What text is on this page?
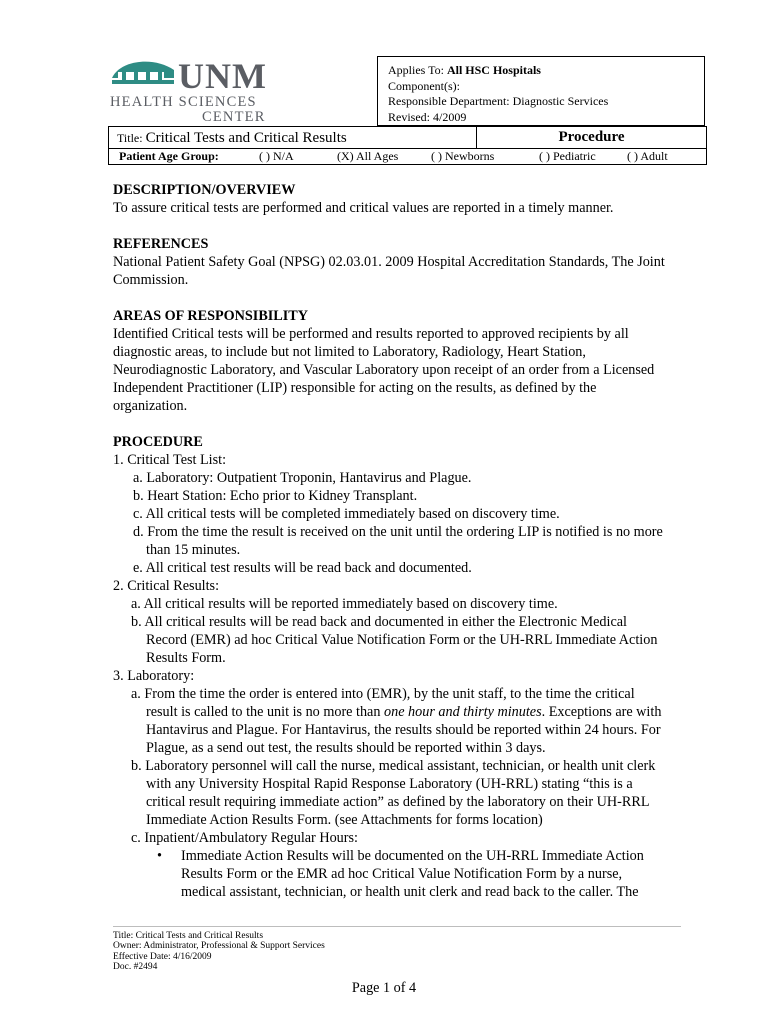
UNM
HEALTH SCIENCES
CENTER
Applies To: All HSC Hospitals
Component(s):
Responsible Department: Diagnostic Services
Revised: 4/2009
Title: Critical Tests and Critical Results	Procedure
Patient Age Group:	( ) N/A	(X) All Ages	( ) Newborns	( ) Pediatric	( ) Adult
DESCRIPTION/OVERVIEW
To assure critical tests are performed and critical values are reported in a timely manner.
REFERENCES
National Patient Safety Goal (NPSG) 02.03.01. 2009 Hospital Accreditation Standards, The Joint
Commission.
AREAS OF RESPONSIBILITY
Identified Critical tests will be performed and results reported to approved recipients by all
diagnostic areas, to include but not limited to Laboratory, Radiology, Heart Station,
Neurodiagnostic Laboratory, and Vascular Laboratory upon receipt of an order from a Licensed
Independent Practitioner (LIP) responsible for acting on the results, as defined by the
organization.
PROCEDURE
1. Critical Test List:
a. Laboratory: Outpatient Troponin, Hantavirus and Plague.
b. Heart Station: Echo prior to Kidney Transplant.
c. All critical tests will be completed immediately based on discovery time.
d. From the time the result is received on the unit until the ordering LIP is notified is no more
than 15 minutes.
e. All critical test results will be read back and documented.
2. Critical Results:
a. All critical results will be reported immediately based on discovery time.
b. All critical results will be read back and documented in either the Electronic Medical
Record (EMR) ad hoc Critical Value Notification Form or the UH-RRL Immediate Action
Results Form.
3. Laboratory:
a. From the time the order is entered into (EMR), by the unit staff, to the time the critical
result is called to the unit is no more than one hour and thirty minutes. Exceptions are with
Hantavirus and Plague. For Hantavirus, the results should be reported within 24 hours. For
Plague, as a send out test, the results should be reported within 3 days.
b. Laboratory personnel will call the nurse, medical assistant, technician, or health unit clerk
with any University Hospital Rapid Response Laboratory (UH-RRL) stating “this is a
critical result requiring immediate action” as defined by the laboratory on their UH-RRL
Immediate Action Results Form. (see Attachments for forms location)
c. Inpatient/Ambulatory Regular Hours:
• Immediate Action Results will be documented on the UH-RRL Immediate Action
Results Form or the EMR ad hoc Critical Value Notification Form by a nurse,
medical assistant, technician, or health unit clerk and read back to the caller. The
Title: Critical Tests and Critical Results
Owner: Administrator, Professional & Support Services
Effective Date: 4/16/2009
Doc. #2494
Page 1 of 4
